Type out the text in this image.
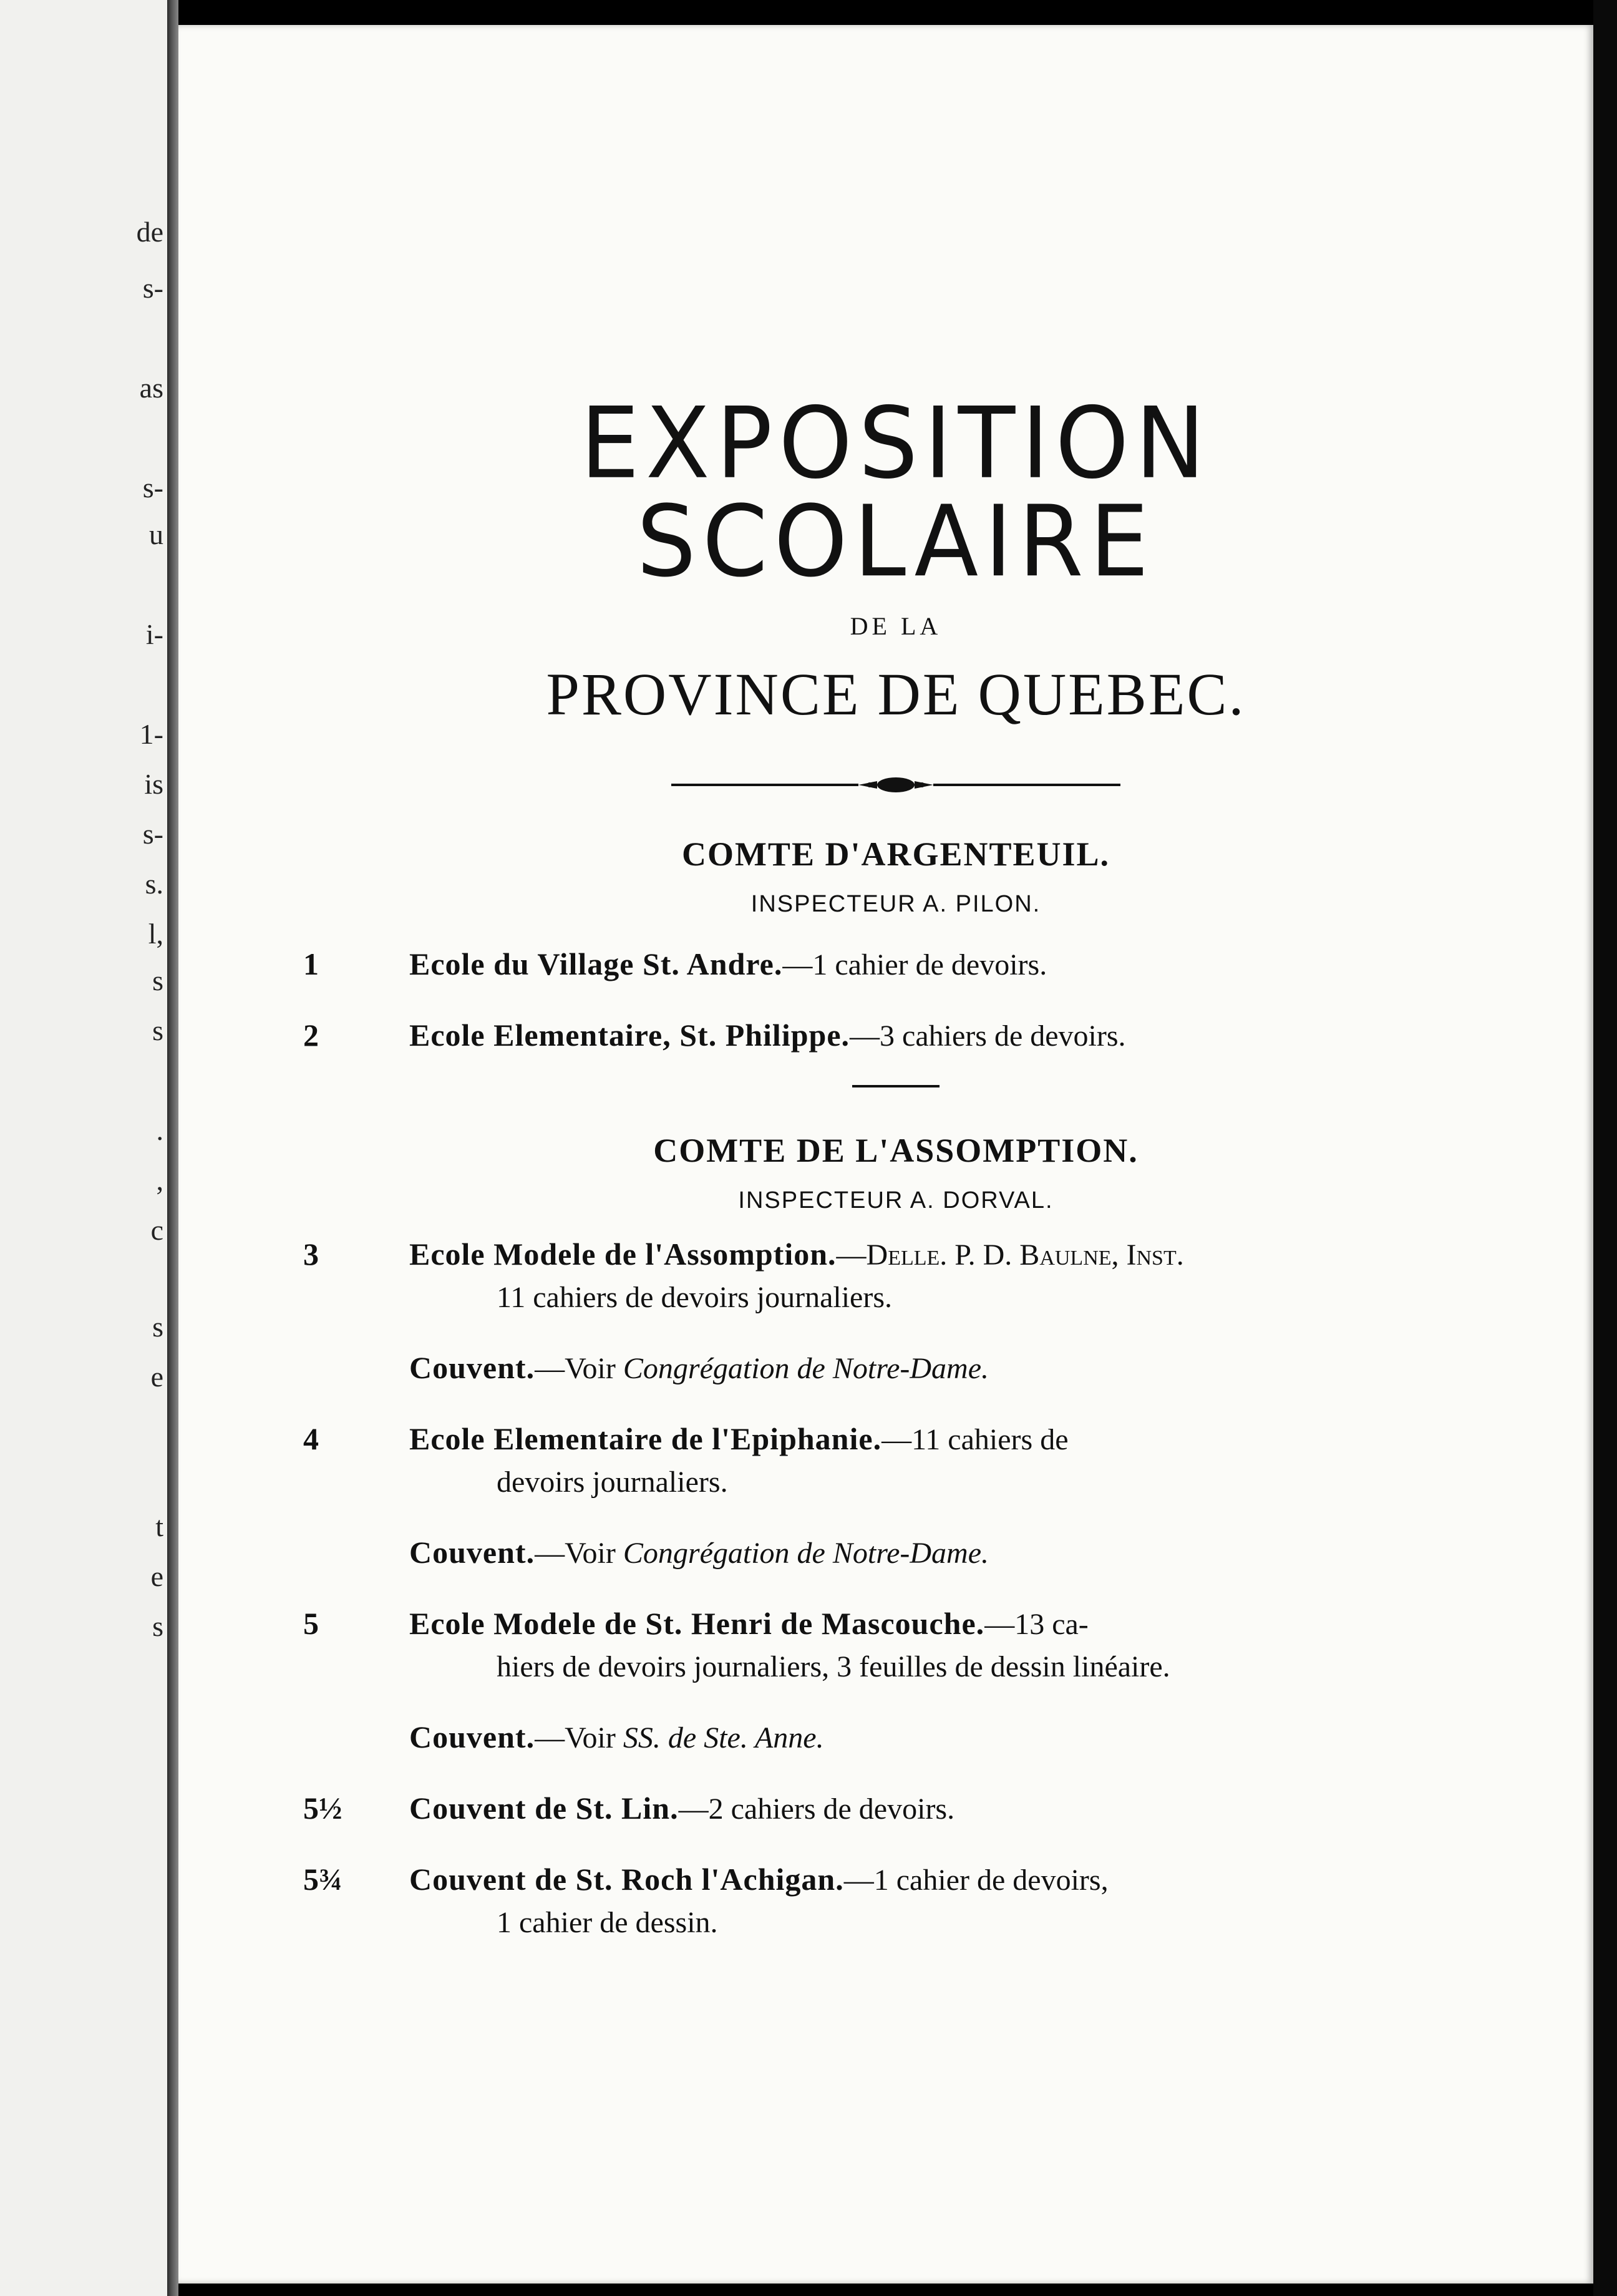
de
s-
as
s-
u
i-
1-
is
s-
s.
l,
s
s
.
,
c
s
e
t
e
s
EXPOSITION SCOLAIRE
DE LA
PROVINCE DE QUEBEC.
COMTE D'ARGENTEUIL.
INSPECTEUR A. PILON.
1	Ecole du Village St. Andre.—1 cahier de devoirs.
2	Ecole Elementaire, St. Philippe.—3 cahiers de devoirs.
COMTE DE L'ASSOMPTION.
INSPECTEUR A. DORVAL.
3	Ecole Modele de l'Assomption.—Delle. P. D. Baulne, Inst.
11 cahiers de devoirs journaliers.
Couvent.—Voir Congrégation de Notre-Dame.
4	Ecole Elementaire de l'Epiphanie.—11 cahiers de
devoirs journaliers.
Couvent.—Voir Congrégation de Notre-Dame.
5	Ecole Modele de St. Henri de Mascouche.—13 ca-
hiers de devoirs journaliers, 3 feuilles de dessin linéaire.
Couvent.—Voir SS. de Ste. Anne.
5½	Couvent de St. Lin.—2 cahiers de devoirs.
5¾	Couvent de St. Roch l'Achigan.—1 cahier de devoirs,
1 cahier de dessin.
